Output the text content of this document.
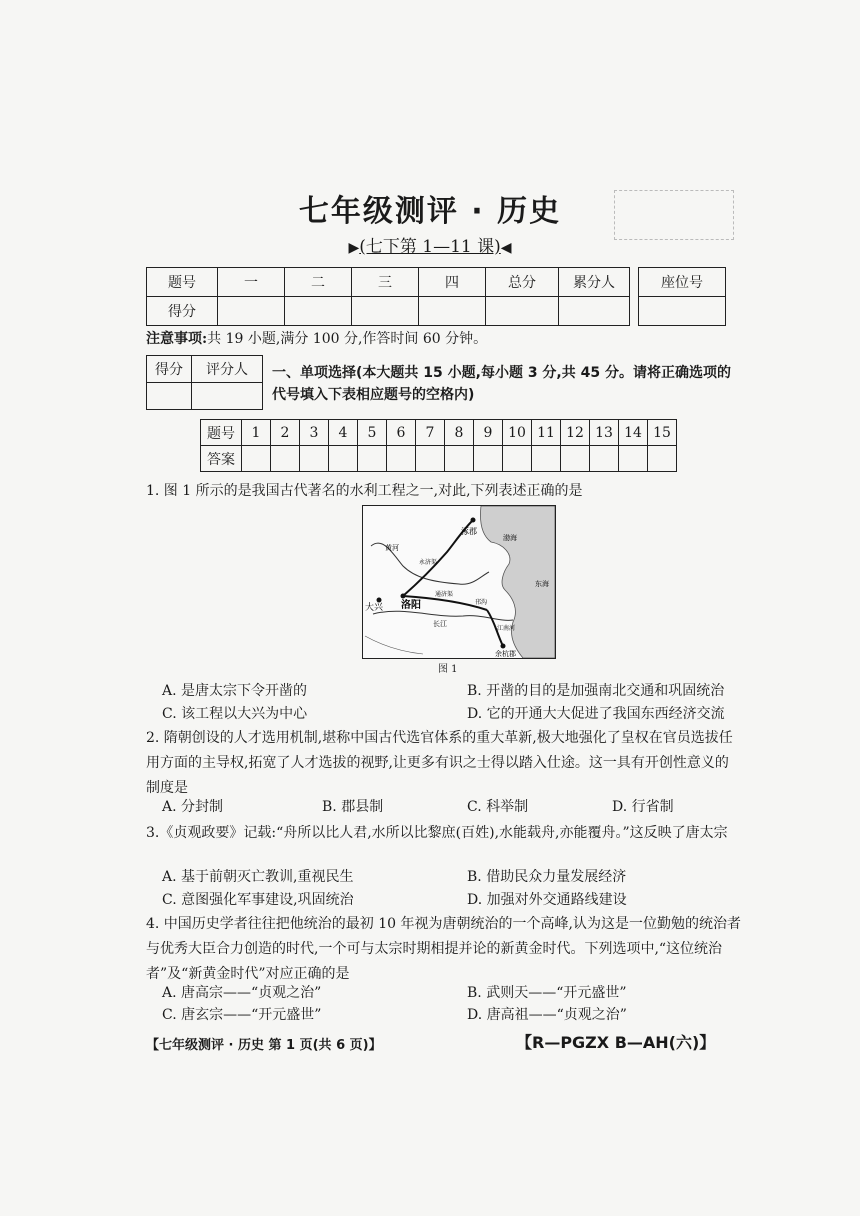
七年级测评 · 历史
▶(七下第 1—11 课)◀
题号	一	二	三	四	总分	累分人
得分						
座位号

注意事项:共 19 小题,满分 100 分,作答时间 60 分钟。
得分	评分人
	一、单项选择(本大题共 15 小题,每小题 3 分,共 45 分。请将正确选项的代号填入下表相应题号的空格内)
题号	1	2	3	4	5	6	7	8	9	10	11	12	13	14	15
答案															
1. 图 1 所示的是我国古代著名的水利工程之一,对此,下列表述正确的是
涿郡
洛阳
大兴
余杭郡
永济渠
通济渠
江南河
邗沟
黄河
长江
东海
渤海
图 1
A. 是唐太宗下令开凿的	B. 开凿的目的是加强南北交通和巩固统治
C. 该工程以大兴为中心	D. 它的开通大大促进了我国东西经济交流
2. 隋朝创设的人才选用机制,堪称中国古代选官体系的重大革新,极大地强化了皇权在官员选拔任用方面的主导权,拓宽了人才选拔的视野,让更多有识之士得以踏入仕途。这一具有开创性意义的制度是
A. 分封制	B. 郡县制	C. 科举制	D. 行省制
3.《贞观政要》记载:“舟所以比人君,水所以比黎庶(百姓),水能载舟,亦能覆舟。”这反映了唐太宗
A. 基于前朝灭亡教训,重视民生	B. 借助民众力量发展经济
C. 意图强化军事建设,巩固统治	D. 加强对外交通路线建设
4. 中国历史学者往往把他统治的最初 10 年视为唐朝统治的一个高峰,认为这是一位勤勉的统治者与优秀大臣合力创造的时代,一个可与太宗时期相提并论的新黄金时代。下列选项中,“这位统治者”及“新黄金时代”对应正确的是
A. 唐高宗——“贞观之治”	B. 武则天——“开元盛世”
C. 唐玄宗——“开元盛世”	D. 唐高祖——“贞观之治”
【七年级测评 · 历史 第 1 页(共 6 页)】	【R—PGZX B—AH(六)】
